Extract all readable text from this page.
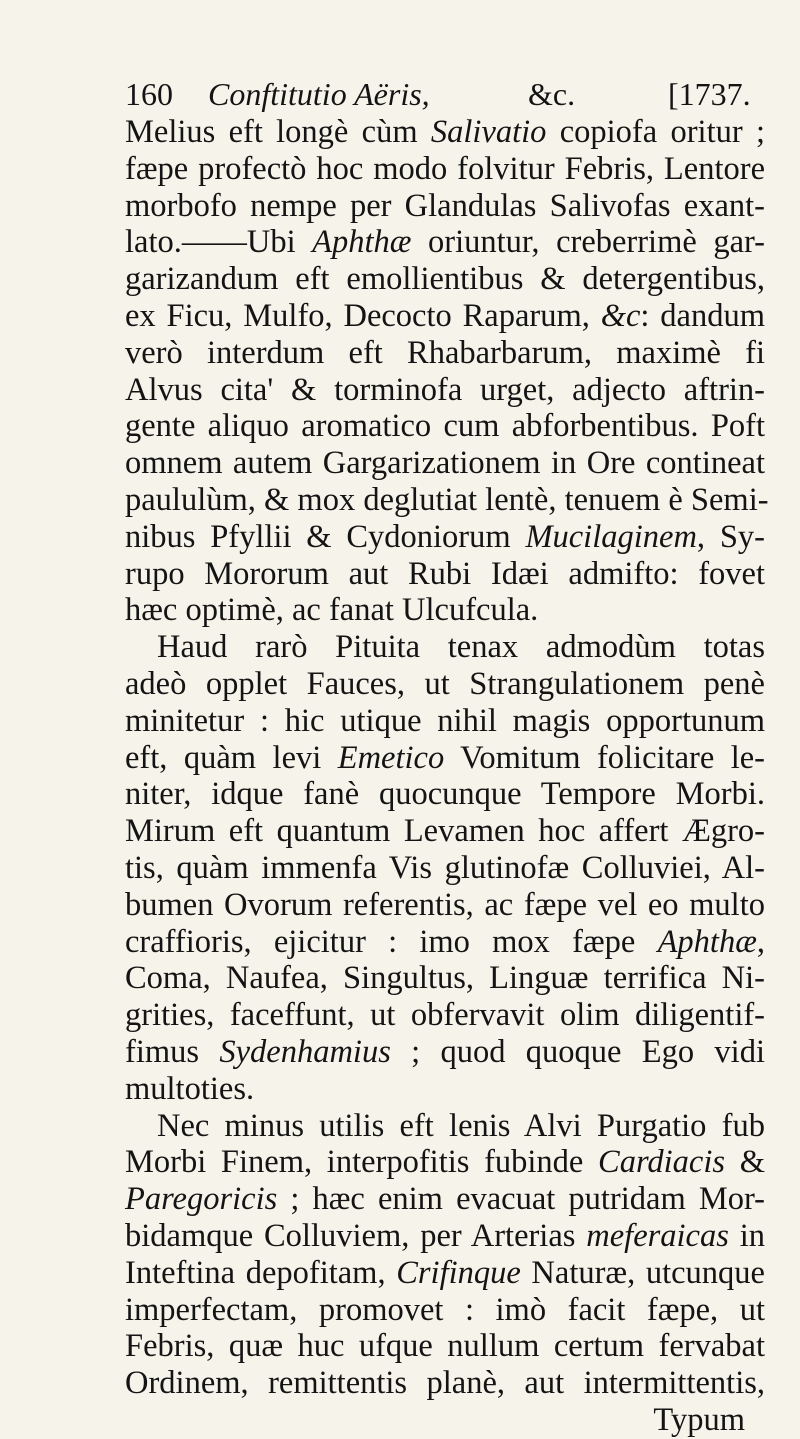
160 Conftitutio Aëris,	&c.	[1737.
Melius eft longè cùm Salivatio copiofa oritur ;
fæpe profectò hoc modo folvitur Febris, Lentore
morbofo nempe per Glandulas Salivofas exant-
lato.——Ubi Aphthæ oriuntur, creberrimè gar-
garizandum eft emollientibus & detergentibus,
ex Ficu, Mulfo, Decocto Raparum, &c: dandum
verò interdum eft Rhabarbarum, maximè fi
Alvus cita' & torminofa urget, adjecto aftrin-
gente aliquo aromatico cum abforbentibus. Poft
omnem autem Gargarizationem in Ore contineat
paululùm, & mox deglutiat lentè, tenuem è Semi-
nibus Pfyllii & Cydoniorum Mucilaginem, Sy-
rupo Mororum aut Rubi Idæi admifto: fovet
hæc optimè, ac fanat Ulcufcula.
Haud rarò Pituita tenax admodùm totas
adeò opplet Fauces, ut Strangulationem penè
minitetur : hic utique nihil magis opportunum
eft, quàm levi Emetico Vomitum folicitare le-
niter, idque fanè quocunque Tempore Morbi.
Mirum eft quantum Levamen hoc affert Ægro-
tis, quàm immenfa Vis glutinofæ Colluviei, Al-
bumen Ovorum referentis, ac fæpe vel eo multo
craffioris, ejicitur : imo mox fæpe Aphthæ,
Coma, Naufea, Singultus, Linguæ terrifica Ni-
grities, faceffunt, ut obfervavit olim diligentif-
fimus Sydenhamius ; quod quoque Ego vidi
multoties.
Nec minus utilis eft lenis Alvi Purgatio fub
Morbi Finem, interpofitis fubinde Cardiacis &
Paregoricis ; hæc enim evacuat putridam Mor-
bidamque Colluviem, per Arterias meferaicas in
Inteftina depofitam, Crifinque Naturæ, utcunque
imperfectam, promovet : imò facit fæpe, ut
Febris, quæ huc ufque nullum certum fervabat
Ordinem, remittentis planè, aut intermittentis,
Typum
